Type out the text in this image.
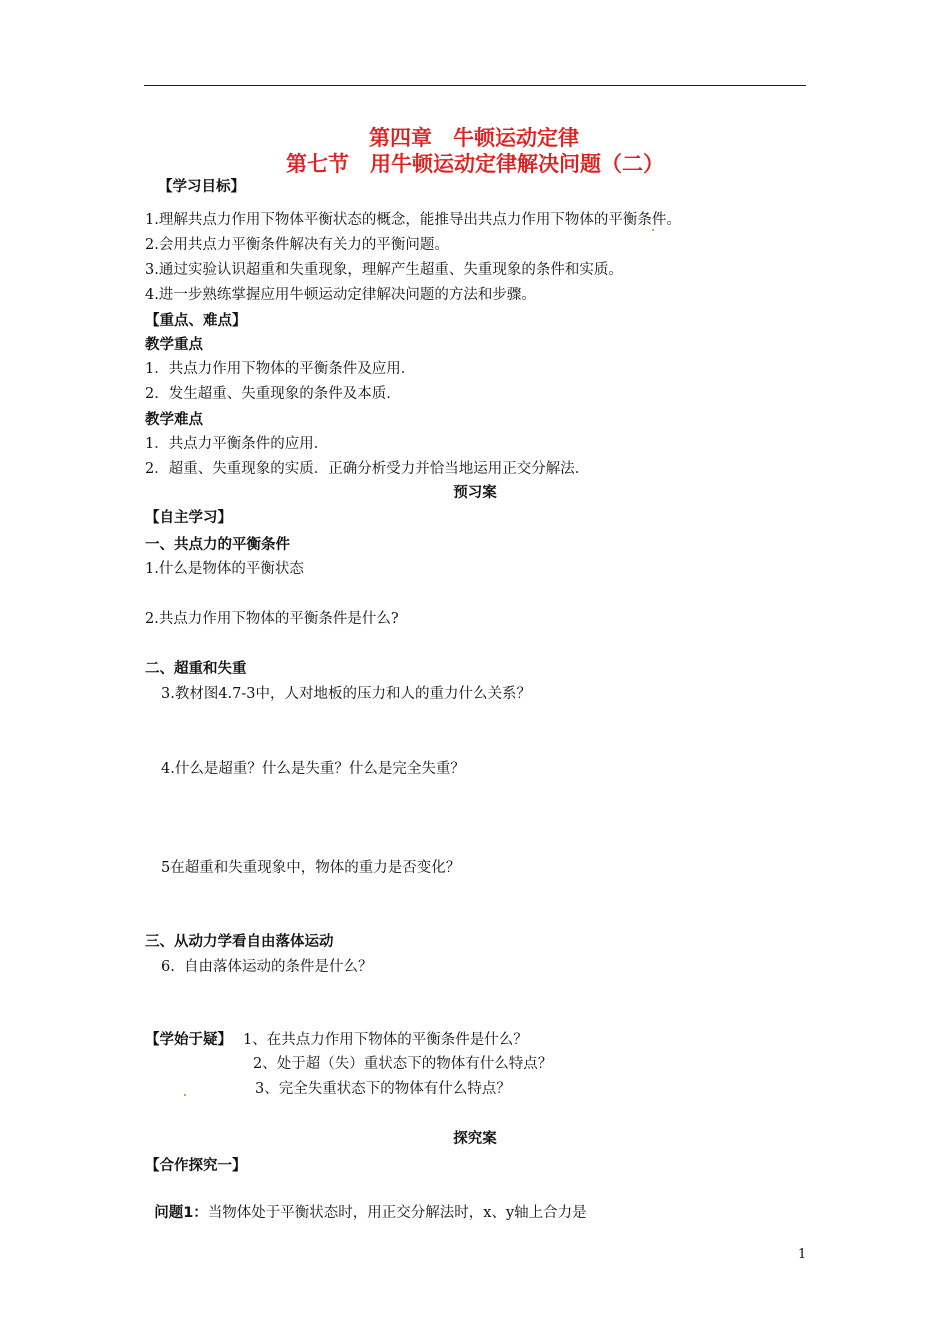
第四章　牛顿运动定律
第七节　用牛顿运动定律解决问题（二）
【学习目标】
1.理解共点力作用下物体平衡状态的概念，能推导出共点力作用下物体的平衡条件。
2.会用共点力平衡条件解决有关力的平衡问题。
3.通过实验认识超重和失重现象，理解产生超重、失重现象的条件和实质。
4.进一步熟练掌握应用牛顿运动定律解决问题的方法和步骤。
【重点、难点】
教学重点
1．共点力作用下物体的平衡条件及应用．
2．发生超重、失重现象的条件及本质．
教学难点
1．共点力平衡条件的应用．
2．超重、失重现象的实质．正确分析受力并恰当地运用正交分解法．
预习案
【自主学习】
一、共点力的平衡条件
1.什么是物体的平衡状态
2.共点力作用下物体的平衡条件是什么?
二、超重和失重
3.教材图4.7-3中，人对地板的压力和人的重力什么关系？
4.什么是超重？什么是失重？什么是完全失重？
5在超重和失重现象中，物体的重力是否变化？
三、从动力学看自由落体运动
6.  自由落体运动的条件是什么？
【学始于疑】 1、在共点力作用下物体的平衡条件是什么？
2、处于超（失）重状态下的物体有什么特点？
3、完全失重状态下的物体有什么特点？
探究案
【合作探究一】

问题1：当物体处于平衡状态时，用正交分解法时，x、y轴上合力是

1
